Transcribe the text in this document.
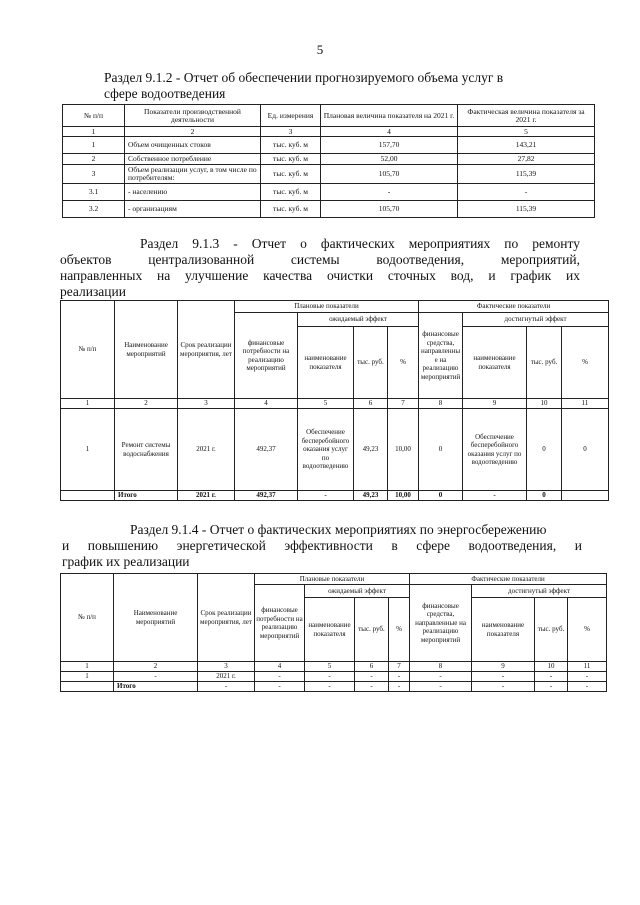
5
Раздел 9.1.2 - Отчет об обеспечении прогнозируемого объема услуг в
сфере водоотведения
№ п/п	Показатели производственной деятельности	Ед. измерения	Плановая величина показателя на 2021 г.	Фактическая величина показателя за 2021 г.
1	2	3	4	5
1	Объем очищенных стоков	тыс. куб. м	157,70	143,21
2	Собственное потребление	тыс. куб. м	52,00	27,82
3	Объем реализации услуг, в том числе по потребителям:	тыс. куб. м	105,70	115,39
3.1	- населению	тыс. куб. м	-	-
3.2	- организациям	тыс. куб. м	105,70	115,39
Раздел 9.1.3 - Отчет о фактических мероприятиях по ремонту
объектов централизованной системы водоотведения, мероприятий,
направленных на улучшение качества очистки сточных вод, и график их
реализации
№ п/п	Наименование мероприятий	Срок реализации мероприятия, лет	Плановые показатели				Фактические показатели			
			финансовые потребности на реализацию мероприятий	ожидаемый эффект			финансовые средства, направленные на реализацию мероприятий	достигнутый эффект		
				наименование показателя	тыс. руб.	%		наименование показателя	тыс. руб.	%
1	2	3	4	5	6	7	8	9	10	11
1	Ремонт системы водоснабжения	2021 г.	492,37	Обеспечение бесперебойного оказания услуг по водоотведению	49,23	10,00	0	Обеспечение бесперебойного оказания услуг по водоотведению	0	0
	Итого	2021 г.	492,37	-	49,23	10,00	0	-	0	
Раздел 9.1.4 - Отчет о фактических мероприятиях по энергосбережению
и повышению энергетической эффективности в сфере водоотведения, и
график их реализации
№ п/п	Наименование мероприятий	Срок реализации мероприятия, лет	Плановые показатели				Фактические показатели			
			финансовые потребности на реализацию мероприятий	ожидаемый эффект			финансовые средства, направленные на реализацию мероприятий	достигнутый эффект		
				наименование показателя	тыс. руб.	%		наименование показателя	тыс. руб.	%
1	2	3	4	5	6	7	8	9	10	11
1	-	2021 г.	-	-	-	-	-	-	-	-
	Итого	-	-	-	-	-	-	-	-	-
